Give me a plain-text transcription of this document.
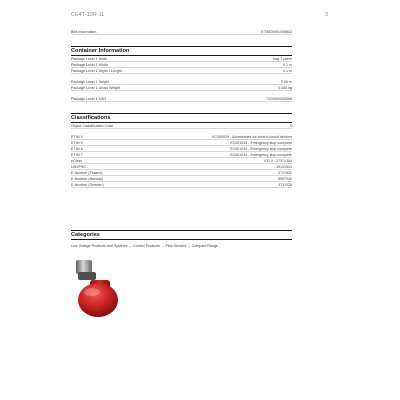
CE4T-10R-11	3
BIM Information	ETIM29091405802
Container Information
Package Level 1 Units	bag 1 piece
Package Level 1 Width	0.1 m
Package Level 1 Depth / Length	0.1 m
Package Level 1 Height	0.06 m
Package Level 1 Gross Weight	0.055 kg
Package Level 1 EAN	7320500300069
Classifications
Object Classification Code	S
ETIM 4	EC000029 - Accessories for control circuit devices
ETIM 5	EC001034 - Emergency stop complete
ETIM 6	EC001034 - Emergency stop complete
ETIM 7	EC001034 - Emergency stop complete
eClass	V11.0 : 27371304
UNSPSC	39121541
E-Number (Finland)	3707842
E-Number (Norway)	6957040
E-Number (Sweden)	3711020
Categories
Low Voltage Products and Systems → Control Products → Pilot Devices → Compact Range
